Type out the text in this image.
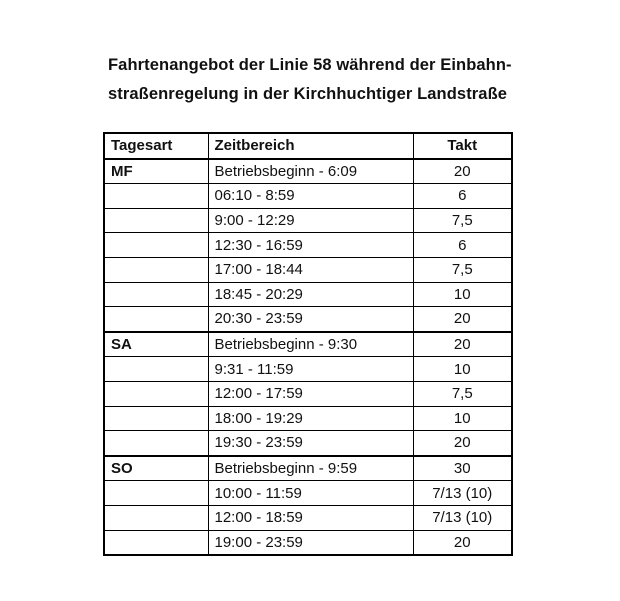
Fahrtenangebot der Linie 58 während der Einbahn-
straßenregelung in der Kirchhuchtiger Landstraße
Tagesart	Zeitbereich	Takt
MF	Betriebsbeginn - 6:09	20
	06:10 - 8:59	6
	9:00 - 12:29	7,5
	12:30 - 16:59	6
	17:00 - 18:44	7,5
	18:45 - 20:29	10
	20:30 - 23:59	20
SA	Betriebsbeginn - 9:30	20
	9:31 - 11:59	10
	12:00 - 17:59	7,5
	18:00 - 19:29	10
	19:30 - 23:59	20
SO	Betriebsbeginn - 9:59	30
	10:00 - 11:59	7/13 (10)
	12:00 - 18:59	7/13 (10)
	19:00 - 23:59	20
